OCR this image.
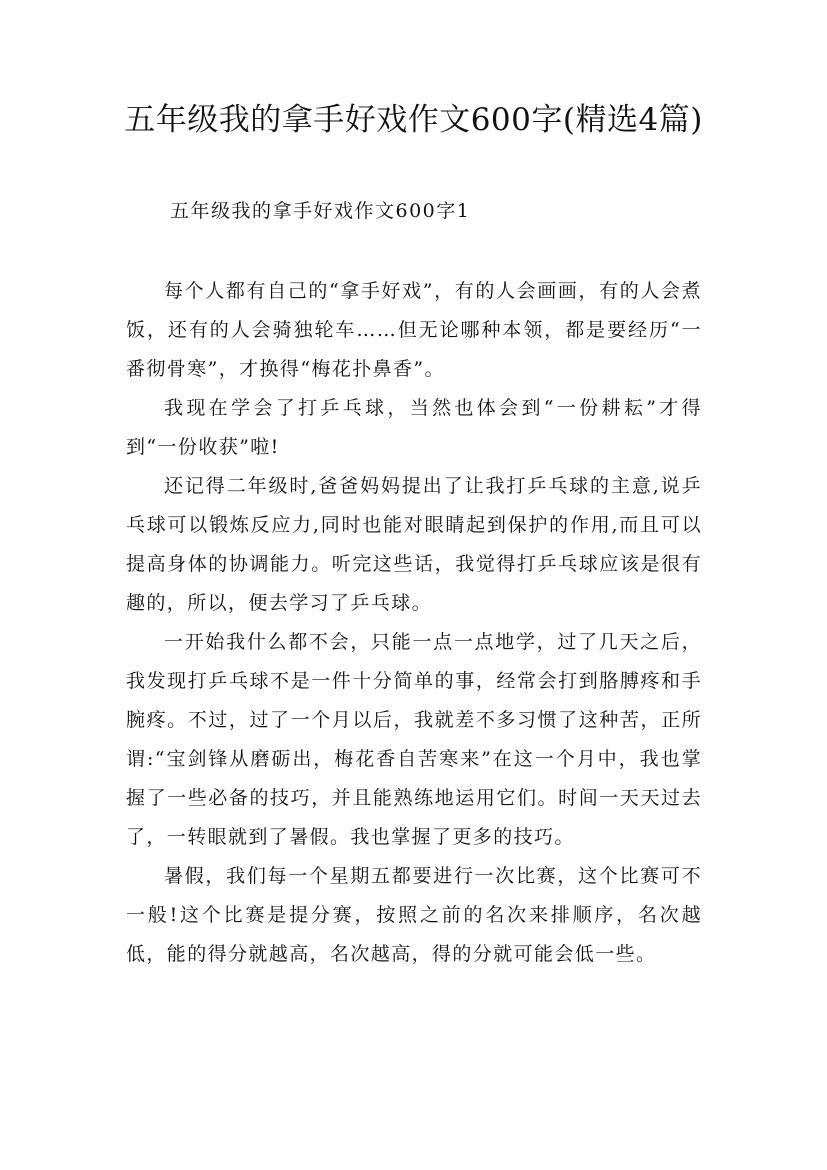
五年级我的拿手好戏作文600字(精选4篇)
五年级我的拿手好戏作文600字1

每个人都有自己的“拿手好戏”，有的人会画画，有的人会煮饭，还有的人会骑独轮车……但无论哪种本领，都是要经历“一番彻骨寒”，才换得“梅花扑鼻香”。

我现在学会了打乒乓球，当然也体会到“一份耕耘”才得到“一份收获”啦!

还记得二年级时,爸爸妈妈提出了让我打乒乓球的主意,说乒乓球可以锻炼反应力,同时也能对眼睛起到保护的作用,而且可以提高身体的协调能力。听完这些话，我觉得打乒乓球应该是很有趣的，所以，便去学习了乒乓球。

一开始我什么都不会，只能一点一点地学，过了几天之后，我发现打乒乓球不是一件十分简单的事，经常会打到胳膊疼和手腕疼。不过，过了一个月以后，我就差不多习惯了这种苦，正所谓:“宝剑锋从磨砺出，梅花香自苦寒来”在这一个月中，我也掌握了一些必备的技巧，并且能熟练地运用它们。时间一天天过去了，一转眼就到了暑假。我也掌握了更多的技巧。

暑假，我们每一个星期五都要进行一次比赛，这个比赛可不一般!这个比赛是提分赛，按照之前的名次来排顺序，名次越低，能的得分就越高，名次越高，得的分就可能会低一些。
